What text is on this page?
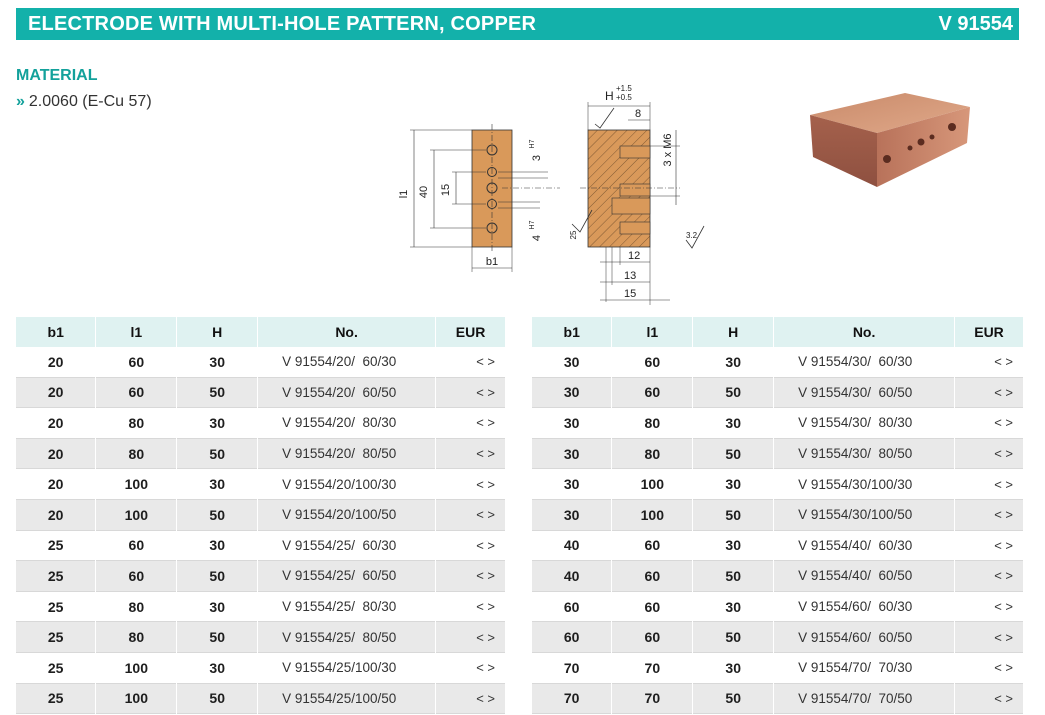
ELECTRODE WITH MULTI-HOLE PATTERN, COPPER	V 91554
MATERIAL
» 2.0060 (E-Cu 57)
l1 40 15
b1
3
H7
4
H7
H
+1.5
+0.5
8
3 x M6
12
13
15
25	3.2
b1	l1	H	No.	EUR
20	60	30	V 91554/20/  60/30	< >
20	60	50	V 91554/20/  60/50	< >
20	80	30	V 91554/20/  80/30	< >
20	80	50	V 91554/20/  80/50	< >
20	100	30	V 91554/20/100/30	< >
20	100	50	V 91554/20/100/50	< >
25	60	30	V 91554/25/  60/30	< >
25	60	50	V 91554/25/  60/50	< >
25	80	30	V 91554/25/  80/30	< >
25	80	50	V 91554/25/  80/50	< >
25	100	30	V 91554/25/100/30	< >
25	100	50	V 91554/25/100/50	< >
b1	l1	H	No.	EUR
30	60	30	V 91554/30/  60/30	< >
30	60	50	V 91554/30/  60/50	< >
30	80	30	V 91554/30/  80/30	< >
30	80	50	V 91554/30/  80/50	< >
30	100	30	V 91554/30/100/30	< >
30	100	50	V 91554/30/100/50	< >
40	60	30	V 91554/40/  60/30	< >
40	60	50	V 91554/40/  60/50	< >
60	60	30	V 91554/60/  60/30	< >
60	60	50	V 91554/60/  60/50	< >
70	70	30	V 91554/70/  70/30	< >
70	70	50	V 91554/70/  70/50	< >
